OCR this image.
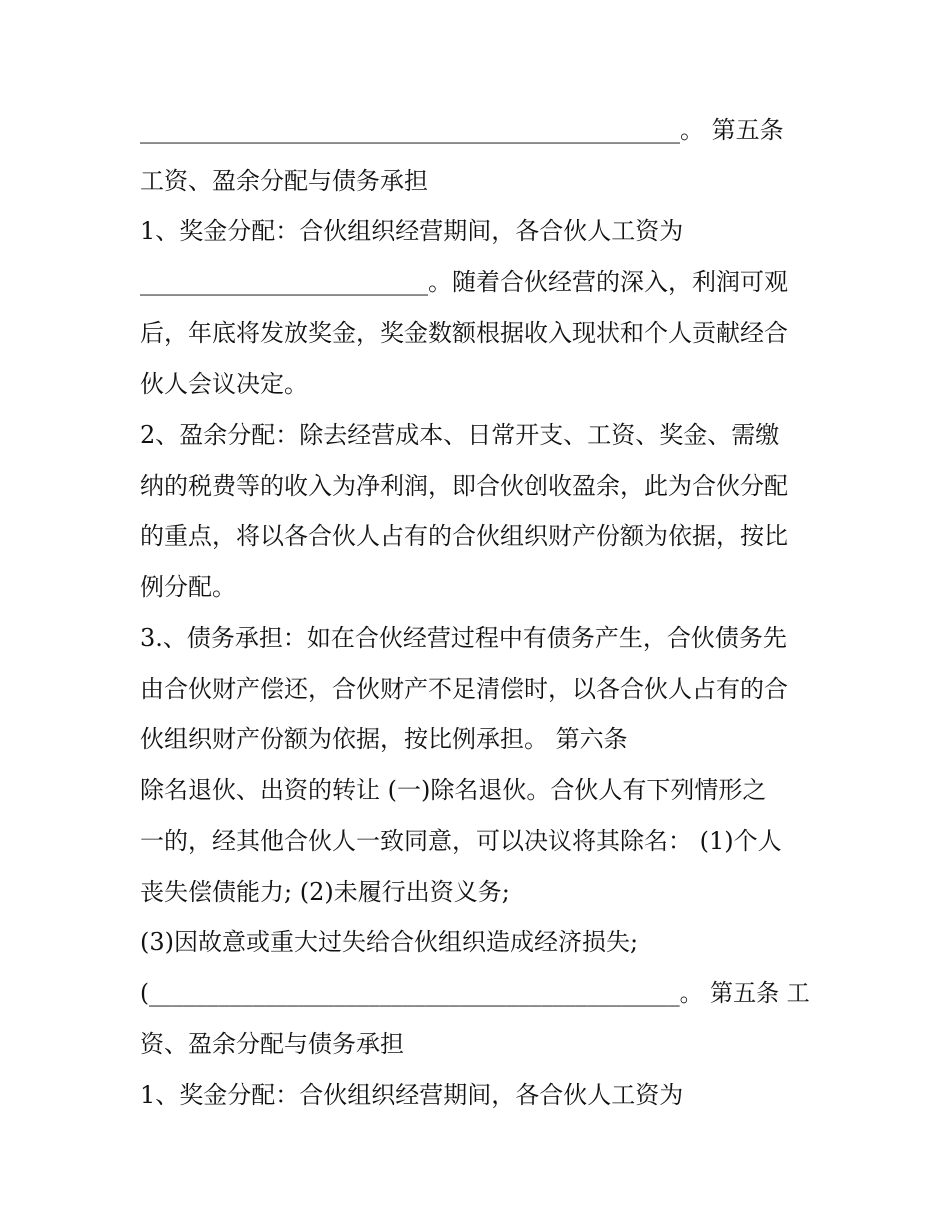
_____________________________________________。 第五条

工资、盈余分配与债务承担

1、奖金分配：合伙组织经营期间，各合伙人工资为

________________________。随着合伙经营的深入，利润可观

后，年底将发放奖金，奖金数额根据收入现状和个人贡献经合

伙人会议决定。

2、盈余分配：除去经营成本、日常开支、工资、奖金、需缴

纳的税费等的收入为净利润，即合伙创收盈余，此为合伙分配

的重点，将以各合伙人占有的合伙组织财产份额为依据，按比

例分配。

3.、债务承担：如在合伙经营过程中有债务产生，合伙债务先

由合伙财产偿还，合伙财产不足清偿时，以各合伙人占有的合

伙组织财产份额为依据，按比例承担。 第六条

除名退伙、出资的转让 (一)除名退伙。合伙人有下列情形之

一的，经其他合伙人一致同意，可以决议将其除名： (1)个人

丧失偿债能力; (2)未履行出资义务;

(3)因故意或重大过失给合伙组织造成经济损失;

(______________________________________________。 第五条 工

资、盈余分配与债务承担

1、奖金分配：合伙组织经营期间，各合伙人工资为
